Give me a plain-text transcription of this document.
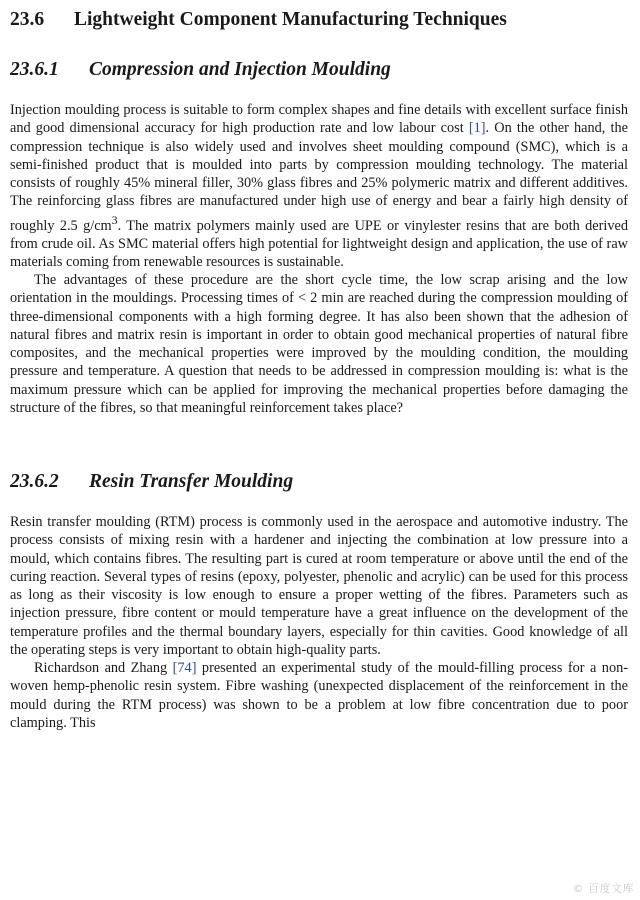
23.6 Lightweight Component Manufacturing Techniques
23.6.1 Compression and Injection Moulding

Injection moulding process is suitable to form complex shapes and fine details with excellent surface finish and good dimensional accuracy for high production rate and low labour cost [1]. On the other hand, the compression technique is also widely used and involves sheet moulding compound (SMC), which is a semi-finished product that is moulded into parts by compression moulding technology. The material consists of roughly 45% mineral filler, 30% glass fibres and 25% polymeric matrix and different additives. The reinforcing glass fibres are manufactured under high use of energy and bear a fairly high density of roughly 2.5 $g/cm^3$. The matrix polymers mainly used are UPE or vinylester resins that are both derived from crude oil. As SMC material offers high potential for lightweight design and application, the use of raw materials coming from renewable resources is sustainable.

The advantages of these procedure are the short cycle time, the low scrap arising and the low orientation in the mouldings. Processing times of < 2 min are reached during the compression moulding of three-dimensional components with a high forming degree. It has also been shown that the adhesion of natural fibres and matrix resin is important in order to obtain good mechanical properties of natural fibre composites, and the mechanical properties were improved by the moulding condition, the moulding pressure and temperature. A question that needs to be addressed in compression moulding is: what is the maximum pressure which can be applied for improving the mechanical properties before damaging the structure of the fibres, so that meaningful reinforcement takes place?

23.6.2 Resin Transfer Moulding

Resin transfer moulding (RTM) process is commonly used in the aerospace and automotive industry. The process consists of mixing resin with a hardener and injecting the combination at low pressure into a mould, which contains fibres. The resulting part is cured at room temperature or above until the end of the curing reaction. Several types of resins (epoxy, polyester, phenolic and acrylic) can be used for this process as long as their viscosity is low enough to ensure a proper wetting of the fibres. Parameters such as injection pressure, fibre content or mould temperature have a great influence on the development of the temperature profiles and the thermal boundary layers, especially for thin cavities. Good knowledge of all the operating steps is very important to obtain high-quality parts.

Richardson and Zhang [74] presented an experimental study of the mould-filling process for a non-woven hemp-phenolic resin system. Fibre washing (unexpected displacement of the reinforcement in the mould during the RTM process) was shown to be a problem at low fibre concentration due to poor clamping. This

© 百度文库
